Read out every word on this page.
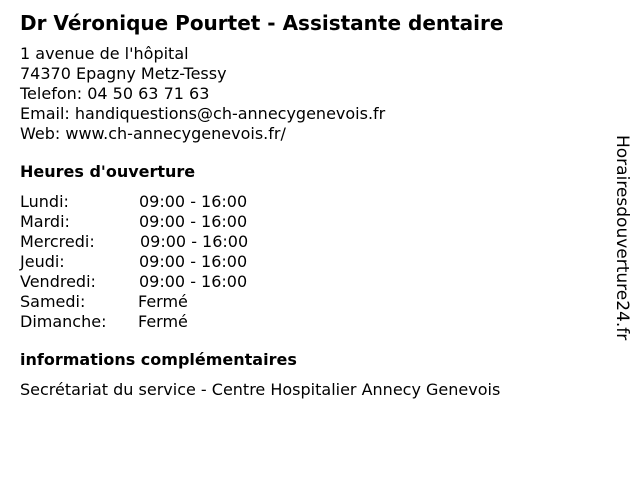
Dr Véronique Pourtet - Assistante dentaire
1 avenue de l'hôpital
74370 Epagny Metz-Tessy
Telefon: 04 50 63 71 63
Email: handiquestions@ch-annecygenevois.fr
Web: www.ch-annecygenevois.fr/
Heures d'ouverture
Lundi:	09:00 - 16:00
Mardi:	09:00 - 16:00
Mercredi:	09:00 - 16:00
Jeudi:	09:00 - 16:00
Vendredi:	09:00 - 16:00
Samedi:	Fermé
Dimanche:	Fermé
informations complémentaires
Secrétariat du service - Centre Hospitalier Annecy Genevois
Horairesdouverture24.fr
